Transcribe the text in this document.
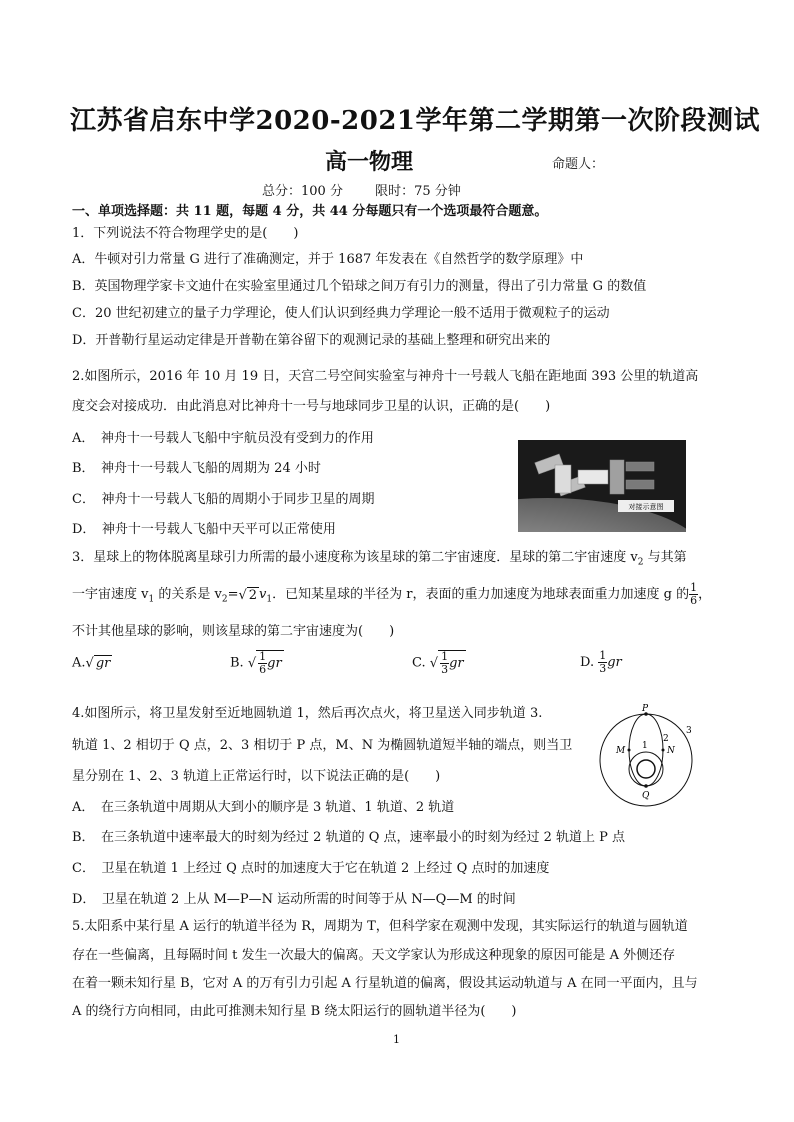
江苏省启东中学2020-2021学年第二学期第一次阶段测试
高一物理	命题人：
总分：100 分 限时：75 分钟
一、单项选择题：共 11 题，每题 4 分，共 44 分每题只有一个选项最符合题意。
1．下列说法不符合物理学史的是(　　)
A．牛顿对引力常量 G 进行了准确测定，并于 1687 年发表在《自然哲学的数学原理》中
B．英国物理学家卡文迪什在实验室里通过几个铅球之间万有引力的测量，得出了引力常量 G 的数值
C．20 世纪初建立的量子力学理论，使人们认识到经典力学理论一般不适用于微观粒子的运动
D．开普勒行星运动定律是开普勒在第谷留下的观测记录的基础上整理和研究出来的
2.如图所示，2016 年 10 月 19 日，天宫二号空间实验室与神舟十一号载人飞船在距地面 393 公里的轨道高
度交会对接成功．由此消息对比神舟十一号与地球同步卫星的认识，正确的是(　　)
A．　神舟十一号载人飞船中宇航员没有受到力的作用
B．　神舟十一号载人飞船的周期为 24 小时
C．　神舟十一号载人飞船的周期小于同步卫星的周期
D．　神舟十一号载人飞船中天平可以正常使用
对接示意图
3．星球上的物体脱离星球引力所需的最小速度称为该星球的第二宇宙速度．星球的第二宇宙速度 $v_2$ 与其第
一宇宙速度 $v_1$ 的关系是 $v_2=√$ 2 $v_1$．已知某星球的半径为 r，表面的重力加速度为地球表面重力加速度 g 的 $\frac{1}{6}$ ，
不计其他星球的影响，则该星球的第二宇宙速度为(　　)
A.√ gr	B. √ $\frac{1}{6}$ gr	C. √ $\frac{1}{3}$ gr	D. $\frac{1}{3}$ gr
4.如图所示，将卫星发射至近地圆轨道 1，然后再次点火，将卫星送入同步轨道 3.
轨道 1、2 相切于 Q 点，2、3 相切于 P 点，M、N 为椭圆轨道短半轴的端点，则当卫
星分别在 1、2、3 轨道上正常运行时，以下说法正确的是(　　)
A．　在三条轨道中周期从大到小的顺序是 3 轨道、1 轨道、2 轨道
B．　在三条轨道中速率最大的时刻为经过 2 轨道的 Q 点，速率最小的时刻为经过 2 轨道上 P 点
C．　卫星在轨道 1 上经过 Q 点时的加速度大于它在轨道 2 上经过 Q 点时的加速度
D．　卫星在轨道 2 上从 M—P—N 运动所需的时间等于从 N—Q—M 的时间
P
Q
M	N
1
2
3
5.太阳系中某行星 A 运行的轨道半径为 R，周期为 T，但科学家在观测中发现，其实际运行的轨道与圆轨道
存在一些偏离，且每隔时间 t 发生一次最大的偏离。天文学家认为形成这种现象的原因可能是 A 外侧还存
在着一颗未知行星 B，它对 A 的万有引力引起 A 行星轨道的偏离，假设其运动轨道与 A 在同一平面内，且与
A 的绕行方向相同，由此可推测未知行星 B 绕太阳运行的圆轨道半径为(　　)
1
